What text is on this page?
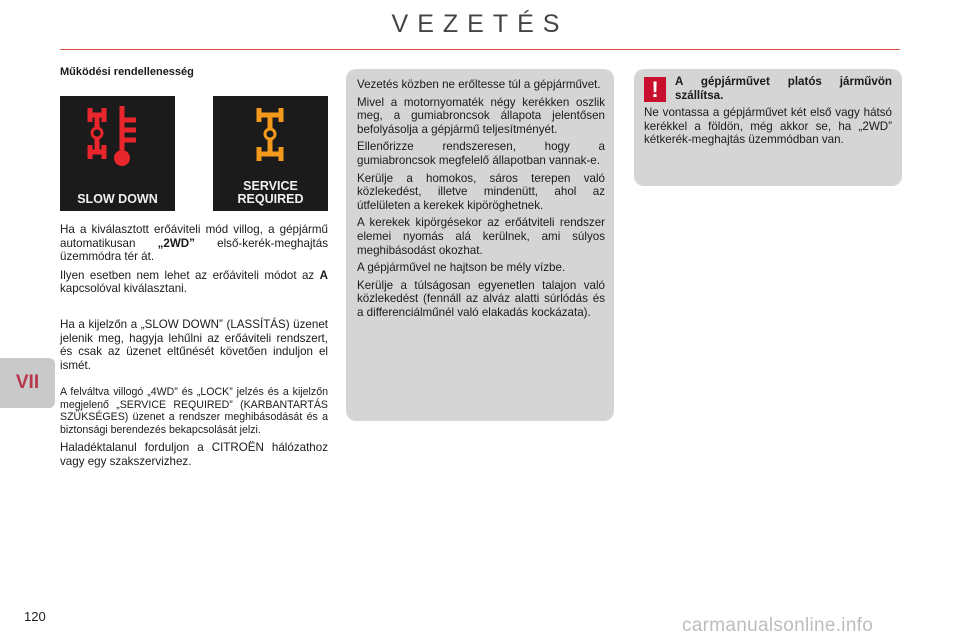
VEZETÉS
VII
120	carmanualsonline.info
Működési rendellenesség
SLOW DOWN
SERVICE
REQUIRED

Ha a kiválasztott erőáviteli mód villog, a gépjármű automatikusan „2WD” első-kerék-meghajtás üzemmódra tér át.

Ilyen esetben nem lehet az erőáviteli módot az A kapcsolóval kiválasztani.

Ha a kijelzőn a „SLOW DOWN” (LASSÍTÁS) üzenet jelenik meg, hagyja lehűlni az erőáviteli rendszert, és csak az üzenet eltűnését követően induljon el ismét.

A felváltva villogó „4WD” és „LOCK” jelzés és a kijelzőn megjelenő „SERVICE REQUIRED” (KARBANTARTÁS SZÜKSÉGES) üzenet a rendszer meghibásodását és a biztonsági berendezés bekapcsolását jelzi.

Haladéktalanul forduljon a CITROËN hálózathoz vagy egy szakszervizhez.

Vezetés közben ne erőltesse túl a gépjárművet.

Mivel a motornyomaték négy kerékken oszlik meg, a gumiabroncsok állapota jelentősen befolyásolja a gépjármű teljesítményét.

Ellenőrizze rendszeresen, hogy a gumiabroncsok megfelelő állapotban vannak-e.

Kerülje a homokos, sáros terepen való közlekedést, illetve mindenütt, ahol az útfelületen a kerekek kipöröghetnek.

A kerekek kipörgésekor az erőátviteli rendszer elemei nyomás alá kerülnek, ami súlyos meghibásodást okozhat.

A gépjárművel ne hajtson be mély vízbe.

Kerülje a túlságosan egyenetlen talajon való közlekedést (fennáll az alváz alatti súrlódás és a differenciálműnél való elakadás kockázata).

!	A gépjárművet platós járművön szállítsa.

Ne vontassa a gépjárművet két első vagy hátsó kerékkel a földön, még akkor se, ha „2WD” kétkerék-meghajtás üzemmódban van.
